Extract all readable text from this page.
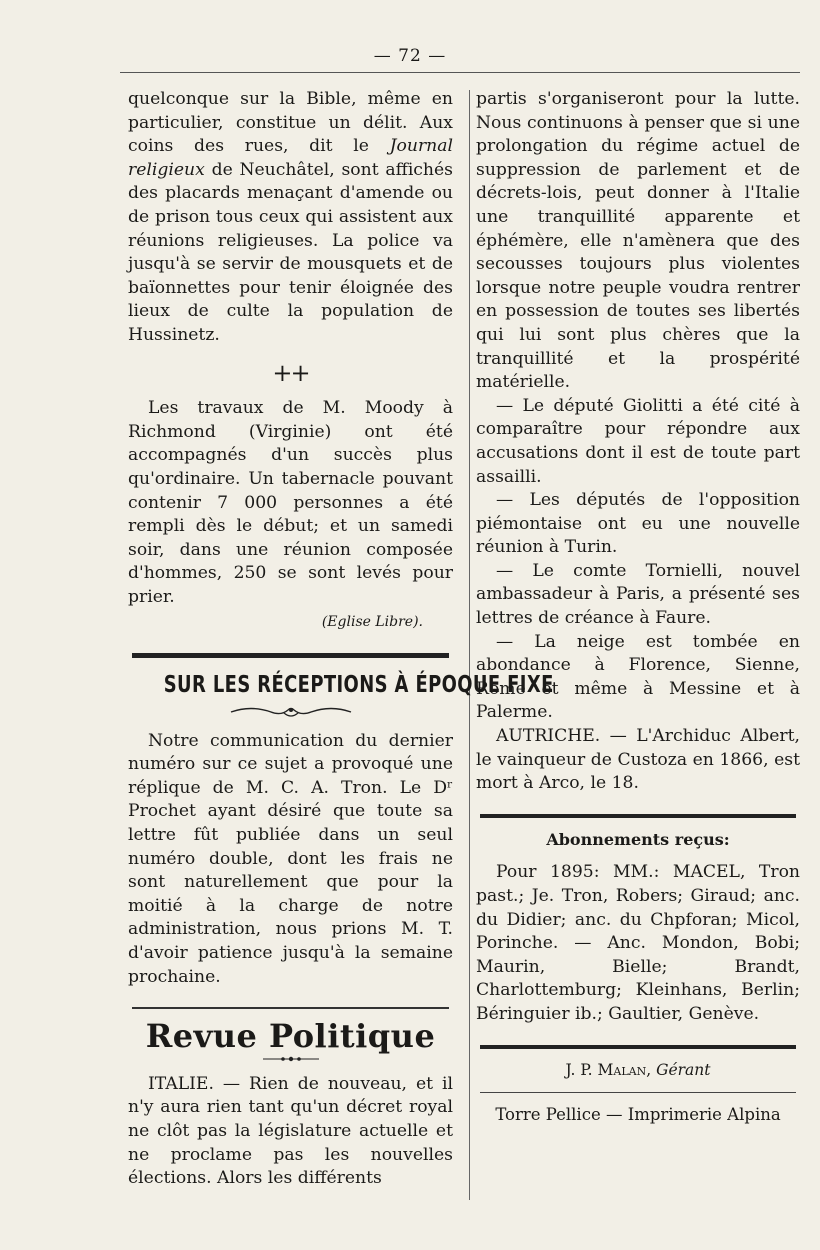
— 72 —

quelconque sur la Bible, même en particulier, constitue un délit. Aux coins des rues, dit le Journal religieux de Neuchâtel, sont affichés des placards menaçant d'amende ou de prison tous ceux qui assistent aux réunions religieuses. La police va jusqu'à se servir de mousquets et de baïonnettes pour tenir éloignée des lieux de culte la population de Hussinetz.

++

Les travaux de M. Moody à Richmond (Virginie) ont été accompagnés d'un succès plus qu'ordinaire. Un tabernacle pouvant contenir 7 000 personnes a été rempli dès le début; et un samedi soir, dans une réunion composée d'hommes, 250 se sont levés pour prier.

(Eglise Libre).
SUR LES RÉCEPTIONS À ÉPOQUE FIXE

Notre communication du dernier numéro sur ce sujet a provoqué une réplique de M. C. A. Tron. Le Dʳ Prochet ayant désiré que toute sa lettre fût publiée dans un seul numéro double, dont les frais ne sont naturellement que pour la moitié à la charge de notre administration, nous prions M. T. d'avoir patience jusqu'à la semaine prochaine.

Revue Politique

ITALIE. — Rien de nouveau, et il n'y aura rien tant qu'un décret royal ne clôt pas la législature actuelle et ne proclame pas les nouvelles élections. Alors les différents

partis s'organiseront pour la lutte. Nous continuons à penser que si une prolongation du régime actuel de suppression de parlement et de décrets-lois, peut donner à l'Italie une tranquillité apparente et éphémère, elle n'amènera que des secousses toujours plus violentes lorsque notre peuple voudra rentrer en possession de toutes ses libertés qui lui sont plus chères que la tranquillité et la prospérité matérielle.

— Le député Giolitti a été cité à comparaître pour répondre aux accusations dont il est de toute part assailli.

— Les députés de l'opposition piémontaise ont eu une nouvelle réunion à Turin.

— Le comte Tornielli, nouvel ambassadeur à Paris, a présenté ses lettres de créance à Faure.

— La neige est tombée en abondance à Florence, Sienne, Rome et même à Messine et à Palerme.

AUTRICHE. — L'Archiduc Albert, le vainqueur de Custoza en 1866, est mort à Arco, le 18.

Abonnements reçus:

Pour 1895: MM.: MACEL, Tron past.; Je. Tron, Robers; Giraud; anc. du Didier; anc. du Chpforan; Micol, Porinche. — Anc. Mondon, Bobi; Maurin, Bielle; Brandt, Charlottemburg; Kleinhans, Berlin; Béringuier ib.; Gaultier, Genève.

J. P. Malan, Gérant
Torre Pellice — Imprimerie Alpina
